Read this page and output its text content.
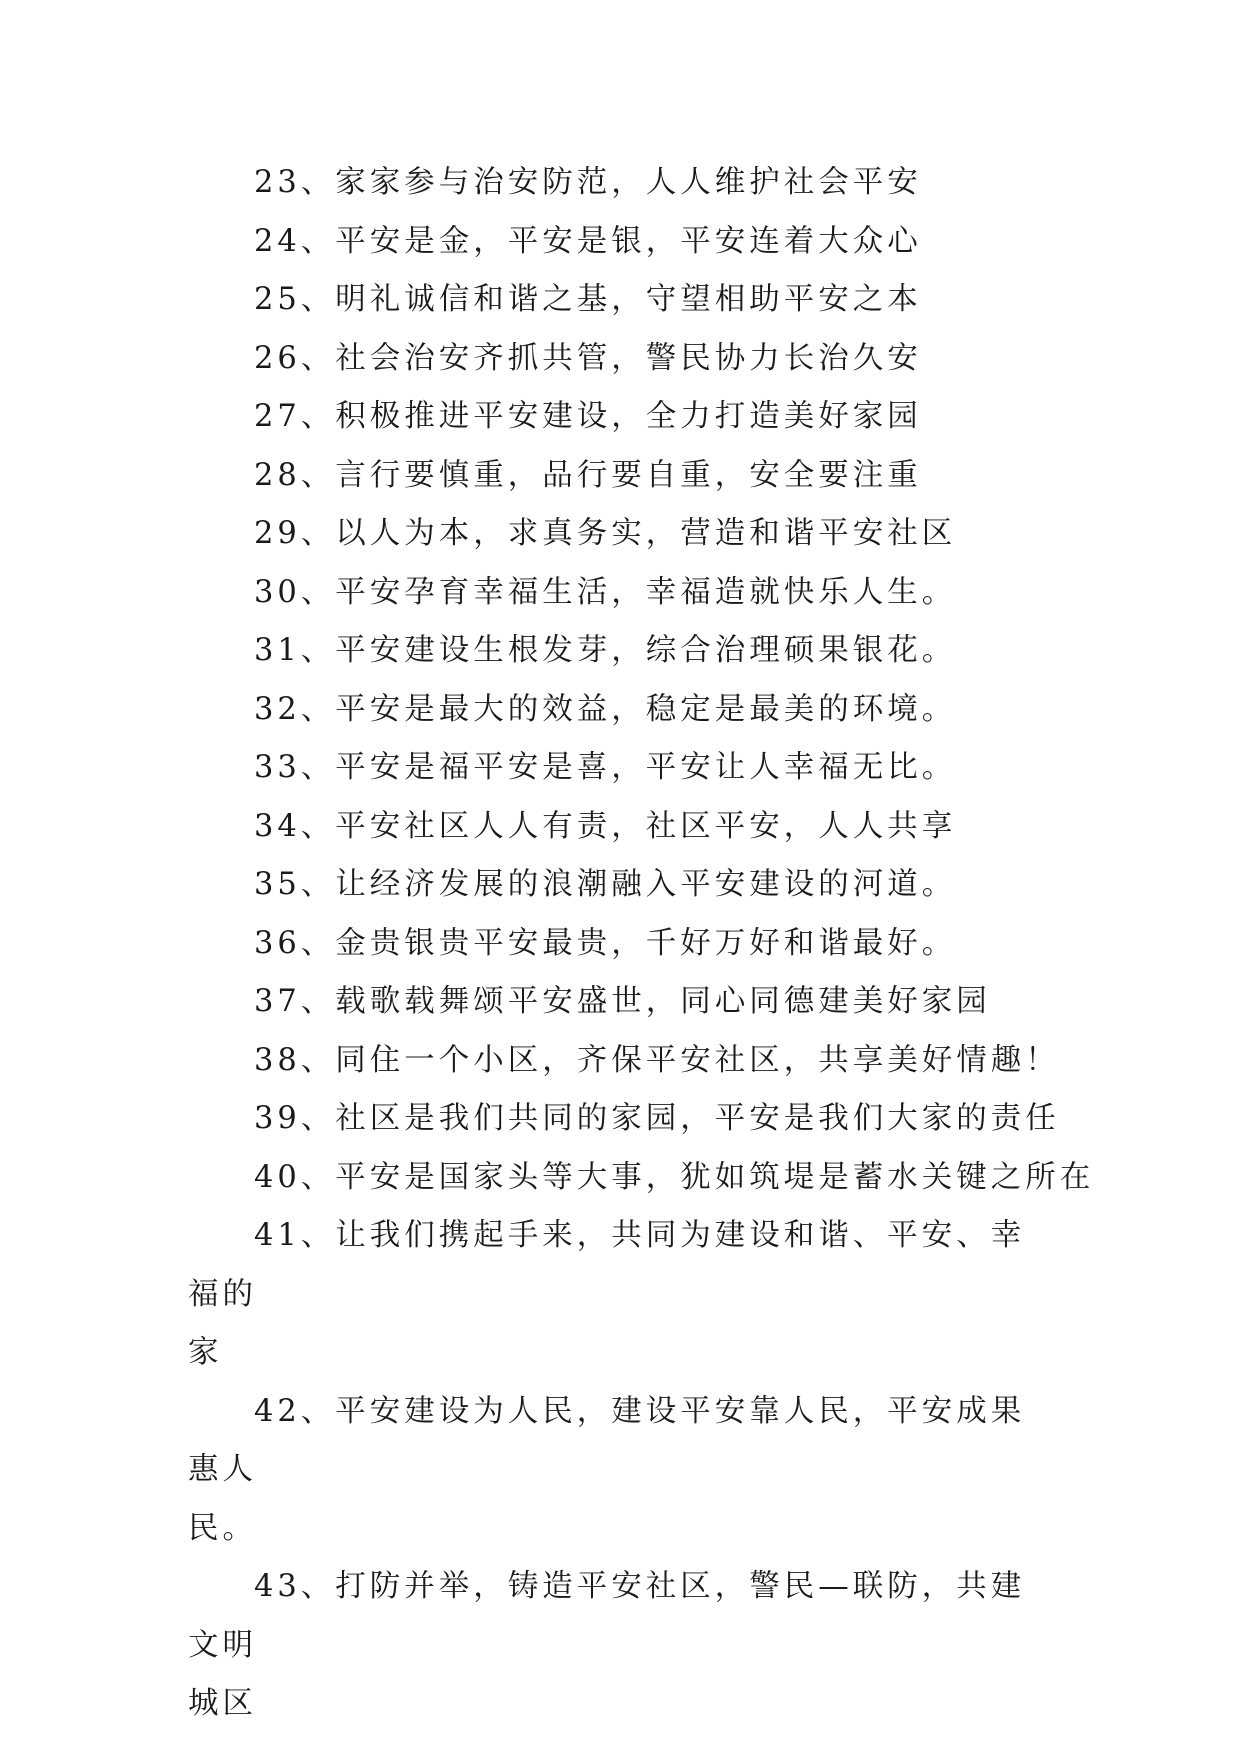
23、家家参与治安防范，人人维护社会平安

24、平安是金，平安是银，平安连着大众心

25、明礼诚信和谐之基，守望相助平安之本

26、社会治安齐抓共管，警民协力长治久安

27、积极推进平安建设，全力打造美好家园

28、言行要慎重，品行要自重，安全要注重

29、以人为本，求真务实，营造和谐平安社区

30、平安孕育幸福生活，幸福造就快乐人生。

31、平安建设生根发芽，综合治理硕果银花。

32、平安是最大的效益，稳定是最美的环境。

33、平安是福平安是喜，平安让人幸福无比。

34、平安社区人人有责，社区平安，人人共享

35、让经济发展的浪潮融入平安建设的河道。

36、金贵银贵平安最贵，千好万好和谐最好。

37、载歌载舞颂平安盛世，同心同德建美好家园

38、同住一个小区，齐保平安社区，共享美好情趣！

39、社区是我们共同的家园，平安是我们大家的责任

40、平安是国家头等大事，犹如筑堤是蓄水关键之所在

41、让我们携起手来，共同为建设和谐、平安、幸福的
家
42、平安建设为人民，建设平安靠人民，平安成果惠人
民。
43、打防并举，铸造平安社区，警民—联防，共建文明
城区
